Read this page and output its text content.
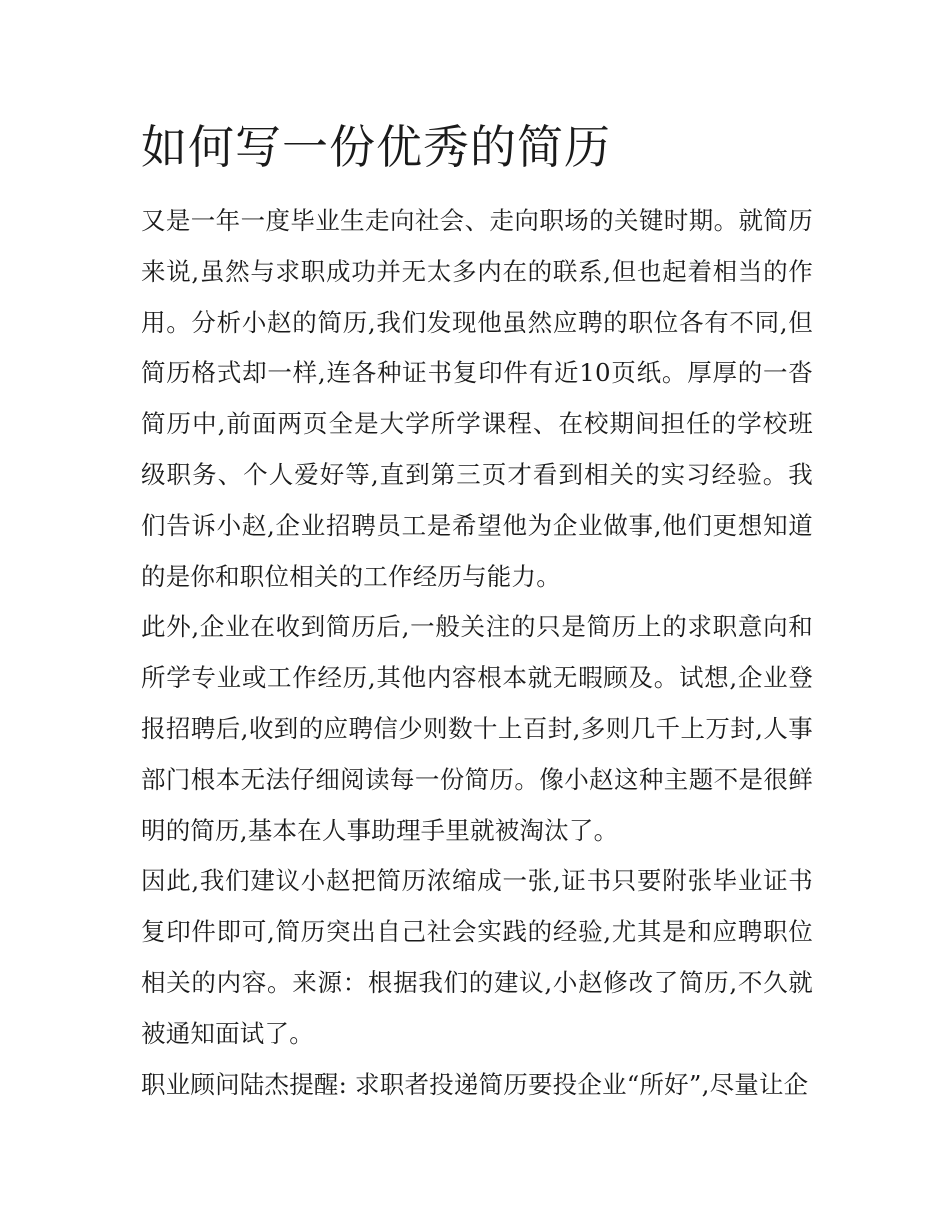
如何写一份优秀的简历

又是一年一度毕业生走向社会、走向职场的关键时期。就简历来说,虽然与求职成功并无太多内在的联系,但也起着相当的作用。分析小赵的简历,我们发现他虽然应聘的职位各有不同,但简历格式却一样,连各种证书复印件有近10页纸。厚厚的一沓简历中,前面两页全是大学所学课程、在校期间担任的学校班级职务、个人爱好等,直到第三页才看到相关的实习经验。我们告诉小赵,企业招聘员工是希望他为企业做事,他们更想知道的是你和职位相关的工作经历与能力。

此外,企业在收到简历后,一般关注的只是简历上的求职意向和所学专业或工作经历,其他内容根本就无暇顾及。试想,企业登报招聘后,收到的应聘信少则数十上百封,多则几千上万封,人事部门根本无法仔细阅读每一份简历。像小赵这种主题不是很鲜明的简历,基本在人事助理手里就被淘汰了。

因此,我们建议小赵把简历浓缩成一张,证书只要附张毕业证书复印件即可,简历突出自己社会实践的经验,尤其是和应聘职位相关的内容。来源：根据我们的建议,小赵修改了简历,不久就被通知面试了。

职业顾问陆杰提醒: 求职者投递简历要投企业“所好”,尽量让企
